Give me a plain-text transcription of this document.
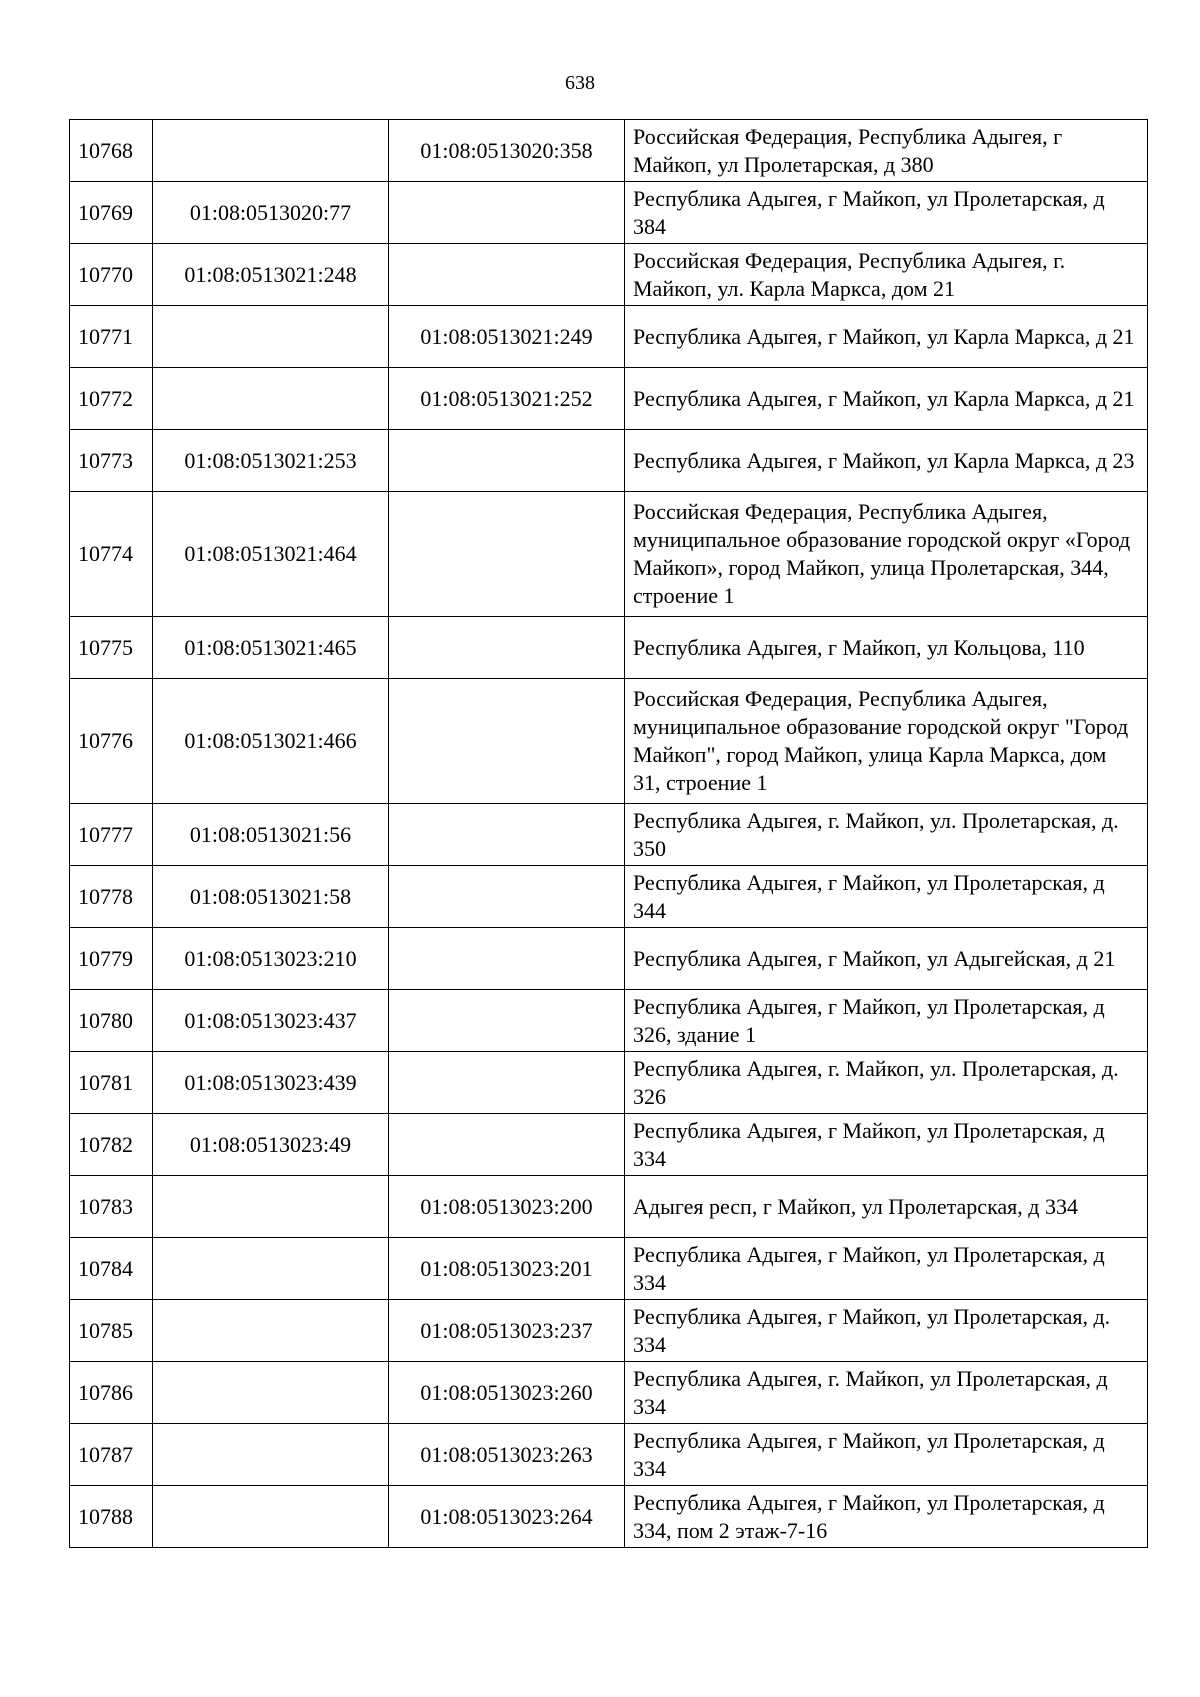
638
10768		01:08:0513020:358	Российская Федерация, Республика Адыгея, г Майкоп, ул Пролетарская, д 380
10769	01:08:0513020:77		Республика Адыгея, г Майкоп, ул Пролетарская, д 384
10770	01:08:0513021:248		Российская Федерация, Республика Адыгея, г. Майкоп, ул. Карла Маркса, дом 21
10771		01:08:0513021:249	Республика Адыгея, г Майкоп, ул Карла Маркса, д 21
10772		01:08:0513021:252	Республика Адыгея, г Майкоп, ул Карла Маркса, д 21
10773	01:08:0513021:253		Республика Адыгея, г Майкоп, ул Карла Маркса, д 23
10774	01:08:0513021:464		Российская Федерация, Республика Адыгея, муниципальное образование городской округ «Город Майкоп», город Майкоп, улица Пролетарская, 344, строение 1
10775	01:08:0513021:465		Республика Адыгея, г Майкоп, ул Кольцова, 110
10776	01:08:0513021:466		Российская Федерация, Республика Адыгея, муниципальное образование городской округ "Город Майкоп", город Майкоп, улица Карла Маркса, дом 31, строение 1
10777	01:08:0513021:56		Республика Адыгея, г. Майкоп, ул. Пролетарская, д. 350
10778	01:08:0513021:58		Республика Адыгея, г Майкоп, ул Пролетарская, д 344
10779	01:08:0513023:210		Республика Адыгея, г Майкоп, ул Адыгейская, д 21
10780	01:08:0513023:437		Республика Адыгея, г Майкоп, ул Пролетарская, д 326, здание 1
10781	01:08:0513023:439		Республика Адыгея, г. Майкоп, ул. Пролетарская, д. 326
10782	01:08:0513023:49		Республика Адыгея, г Майкоп, ул Пролетарская, д 334
10783		01:08:0513023:200	Адыгея респ, г Майкоп, ул Пролетарская, д 334
10784		01:08:0513023:201	Республика Адыгея, г Майкоп, ул Пролетарская, д 334
10785		01:08:0513023:237	Республика Адыгея, г Майкоп, ул Пролетарская, д. 334
10786		01:08:0513023:260	Республика Адыгея, г. Майкоп, ул Пролетарская, д 334
10787		01:08:0513023:263	Республика Адыгея, г Майкоп, ул Пролетарская, д 334
10788		01:08:0513023:264	Республика Адыгея, г Майкоп, ул Пролетарская, д 334, пом 2 этаж-7-16
